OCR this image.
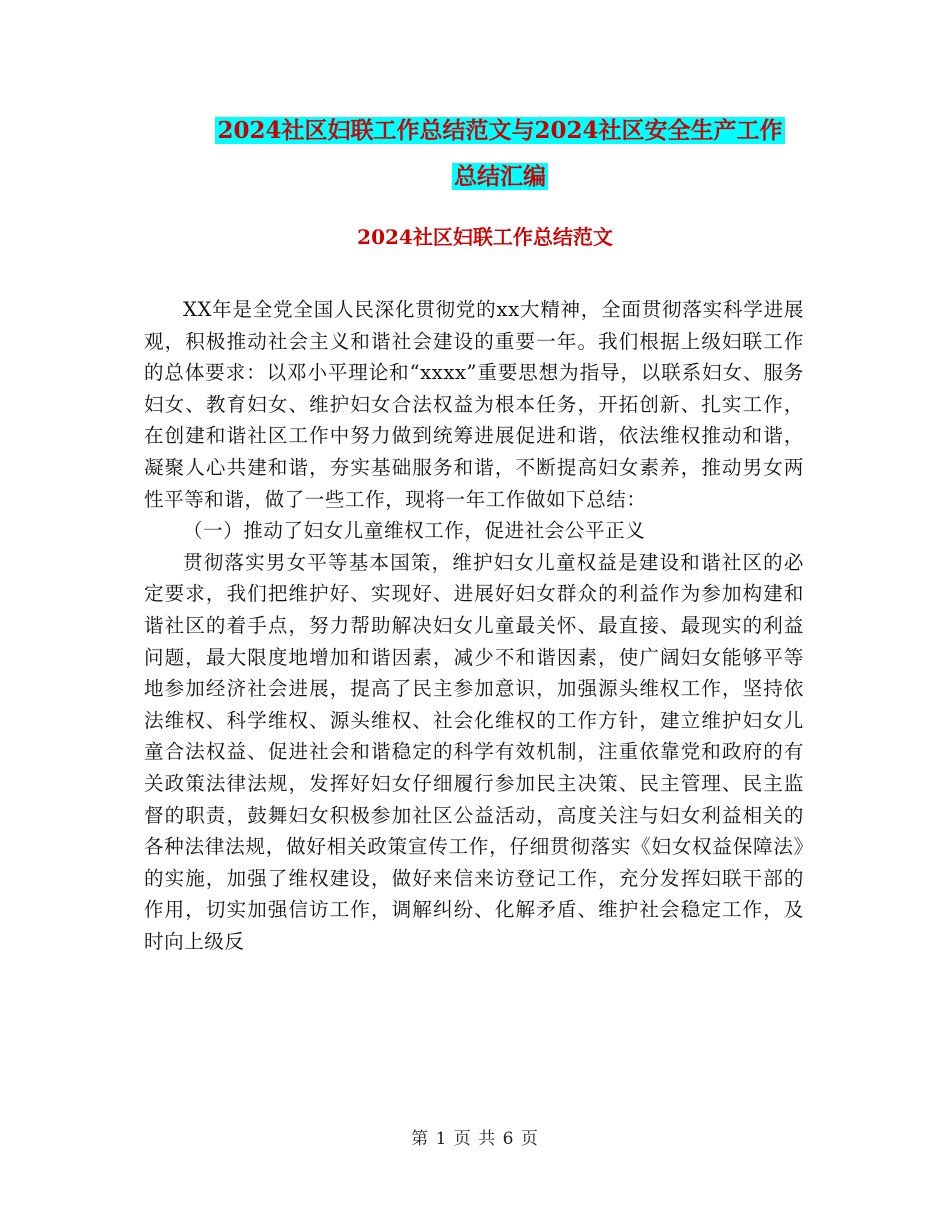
2024社区妇联工作总结范文与2024社区安全生产工作
总结汇编
2024社区妇联工作总结范文

XX年是全党全国人民深化贯彻党的xx大精神，全面贯彻落实科学进展观，积极推动社会主义和谐社会建设的重要一年。我们根据上级妇联工作的总体要求：以邓小平理论和“xxxx”重要思想为指导，以联系妇女、服务妇女、教育妇女、维护妇女合法权益为根本任务，开拓创新、扎实工作，在创建和谐社区工作中努力做到统筹进展促进和谐，依法维权推动和谐，凝聚人心共建和谐，夯实基础服务和谐，不断提高妇女素养，推动男女两性平等和谐，做了一些工作，现将一年工作做如下总结：

（一）推动了妇女儿童维权工作，促进社会公平正义

贯彻落实男女平等基本国策，维护妇女儿童权益是建设和谐社区的必定要求，我们把维护好、实现好、进展好妇女群众的利益作为参加构建和谐社区的着手点，努力帮助解决妇女儿童最关怀、最直接、最现实的利益问题，最大限度地增加和谐因素，减少不和谐因素，使广阔妇女能够平等地参加经济社会进展，提高了民主参加意识，加强源头维权工作，坚持依法维权、科学维权、源头维权、社会化维权的工作方针，建立维护妇女儿童合法权益、促进社会和谐稳定的科学有效机制，注重依靠党和政府的有关政策法律法规，发挥好妇女仔细履行参加民主决策、民主管理、民主监督的职责，鼓舞妇女积极参加社区公益活动，高度关注与妇女利益相关的各种法律法规，做好相关政策宣传工作，仔细贯彻落实《妇女权益保障法》的实施，加强了维权建设，做好来信来访登记工作，充分发挥妇联干部的作用，切实加强信访工作，调解纠纷、化解矛盾、维护社会稳定工作，及时向上级反

第 1 页 共 6 页
